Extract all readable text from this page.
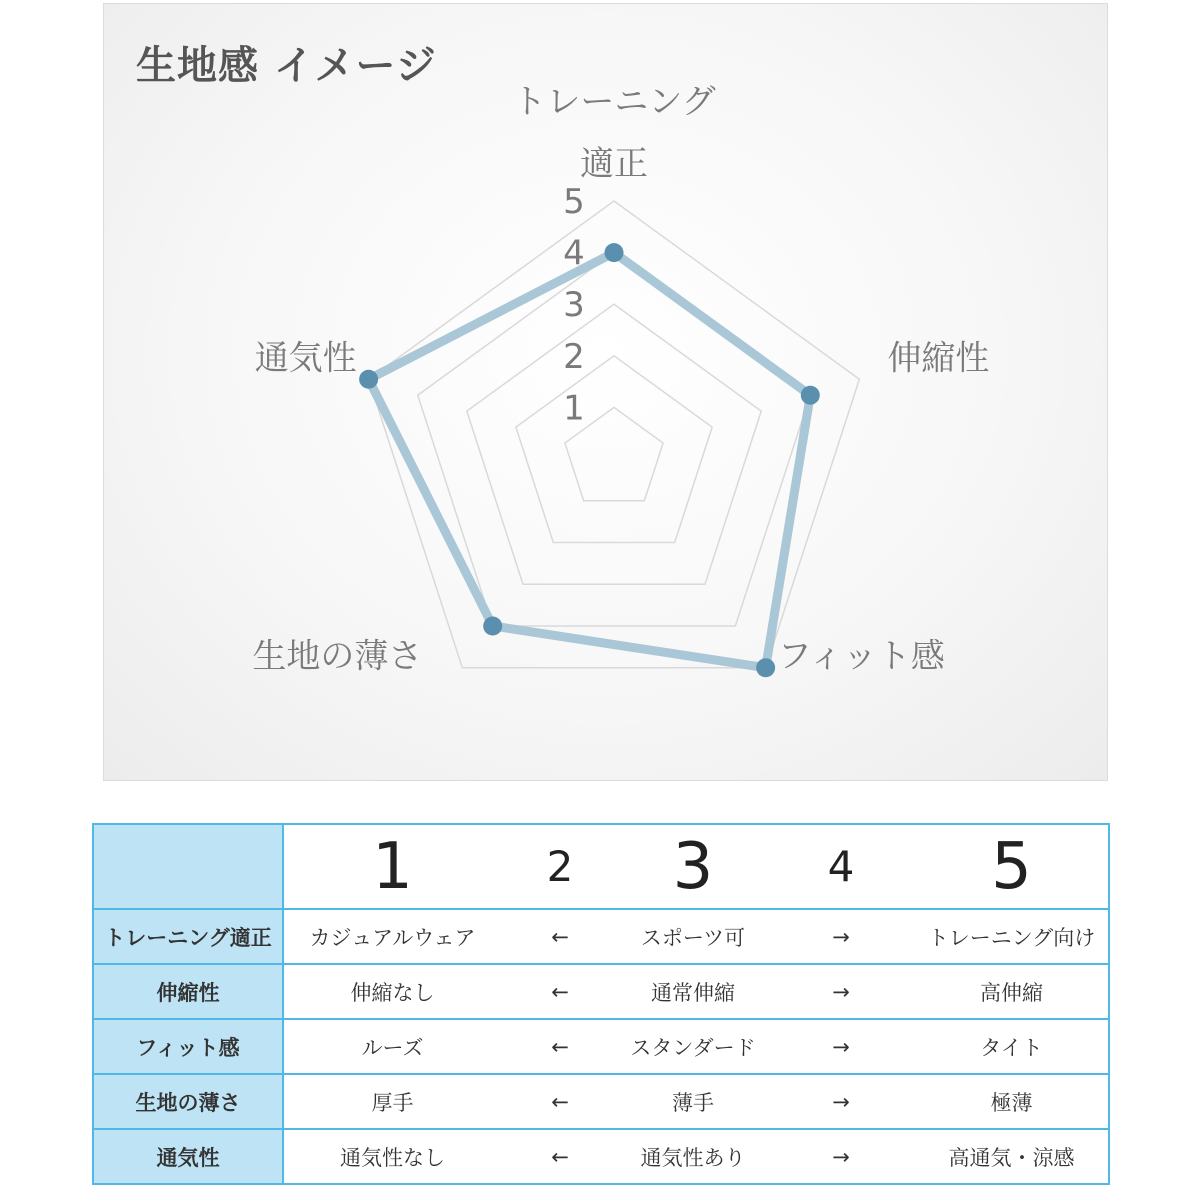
生地感 イメージ
1
2
3
4
5
トレーニング
適正
伸縮性
フィット感
生地の薄さ
通気性
	1	2	3	4	5
トレーニング適正	カジュアルウェア	←	スポーツ可	→	トレーニング向け
伸縮性	伸縮なし	←	通常伸縮	→	高伸縮
フィット感	ルーズ	←	スタンダード	→	タイト
生地の薄さ	厚手	←	薄手	→	極薄
通気性	通気性なし	←	通気性あり	→	高通気・涼感
